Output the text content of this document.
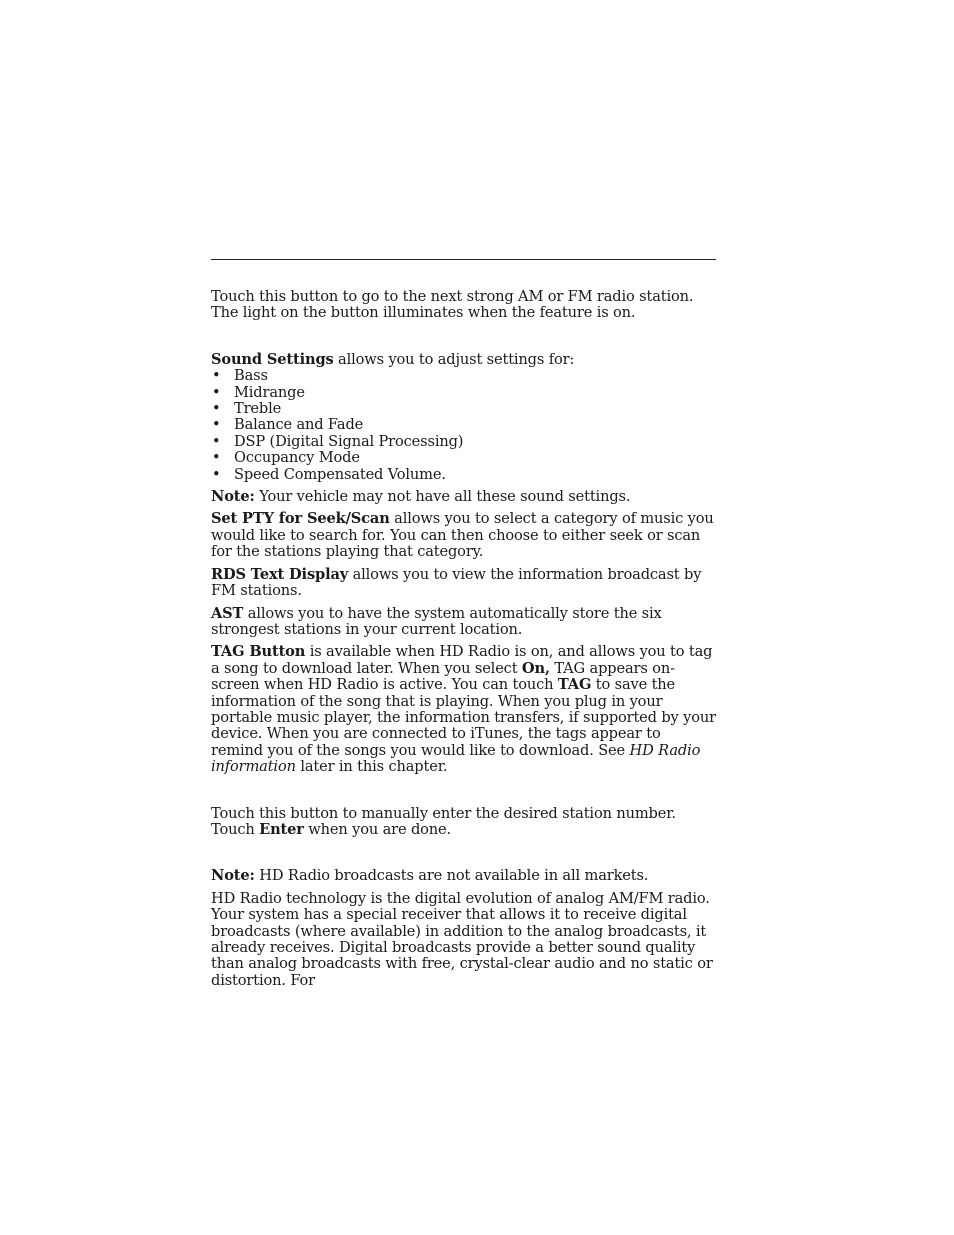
Touch this button to go to the next strong AM or FM radio station. The light on the button illuminates when the feature is on.

Sound Settings allows you to adjust settings for:

• Bass
• Midrange
• Treble
• Balance and Fade
• DSP (Digital Signal Processing)
• Occupancy Mode
• Speed Compensated Volume.

Note: Your vehicle may not have all these sound settings.

Set PTY for Seek/Scan allows you to select a category of music you would like to search for. You can then choose to either seek or scan for the stations playing that category.

RDS Text Display allows you to view the information broadcast by FM stations.

AST allows you to have the system automatically store the six strongest stations in your current location.

TAG Button is available when HD Radio is on, and allows you to tag a song to download later. When you select On, TAG appears on-screen when HD Radio is active. You can touch TAG to save the information of the song that is playing. When you plug in your portable music player, the information transfers, if supported by your device. When you are connected to iTunes, the tags appear to remind you of the songs you would like to download. See HD Radio information later in this chapter.

Touch this button to manually enter the desired station number. Touch Enter when you are done.

Note: HD Radio broadcasts are not available in all markets.

HD Radio technology is the digital evolution of analog AM/FM radio. Your system has a special receiver that allows it to receive digital broadcasts (where available) in addition to the analog broadcasts, it already receives. Digital broadcasts provide a better sound quality than analog broadcasts with free, crystal-clear audio and no static or distortion. For
